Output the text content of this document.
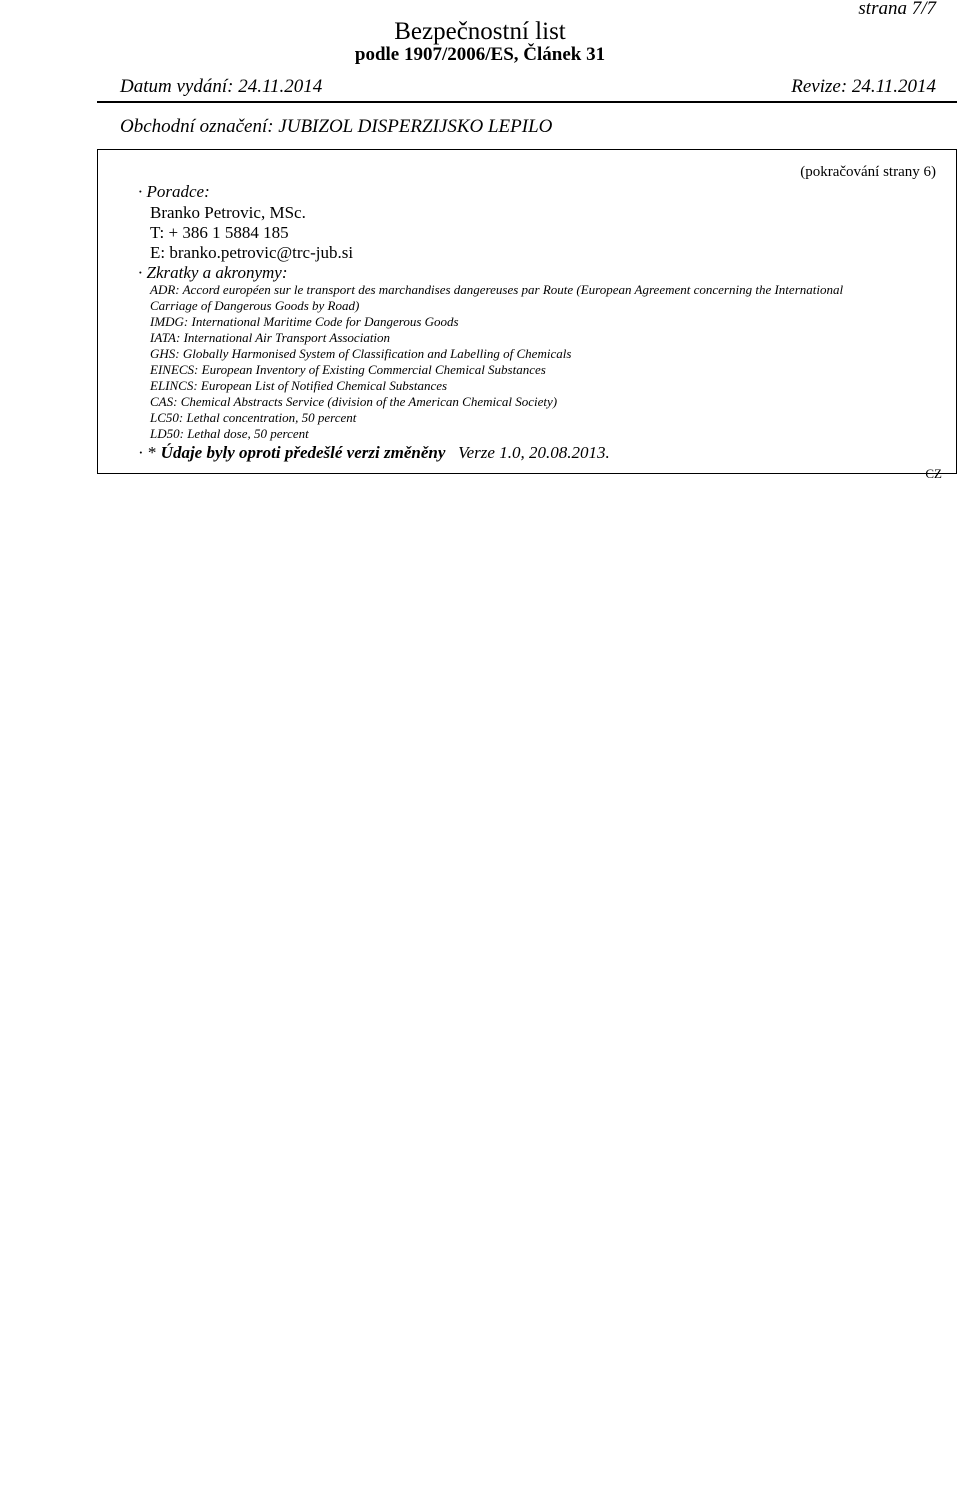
strana 7/7
Bezpečnostní list
podle 1907/2006/ES, Článek 31
Datum vydání: 24.11.2014	Revize: 24.11.2014
Obchodní označení: JUBIZOL DISPERZIJSKO LEPILO
(pokračování strany 6)
· Poradce:
Branko Petrovic, MSc.
T: + 386 1 5884 185
E: branko.petrovic@trc-jub.si
· Zkratky a akronymy:
ADR: Accord européen sur le transport des marchandises dangereuses par Route (European Agreement concerning the International
Carriage of Dangerous Goods by Road)
IMDG: International Maritime Code for Dangerous Goods
IATA: International Air Transport Association
GHS: Globally Harmonised System of Classification and Labelling of Chemicals
EINECS: European Inventory of Existing Commercial Chemical Substances
ELINCS: European List of Notified Chemical Substances
CAS: Chemical Abstracts Service (division of the American Chemical Society)
LC50: Lethal concentration, 50 percent
LD50: Lethal dose, 50 percent
· * Údaje byly oproti předešlé verzi změněny Verze 1.0, 20.08.2013.
CZ
